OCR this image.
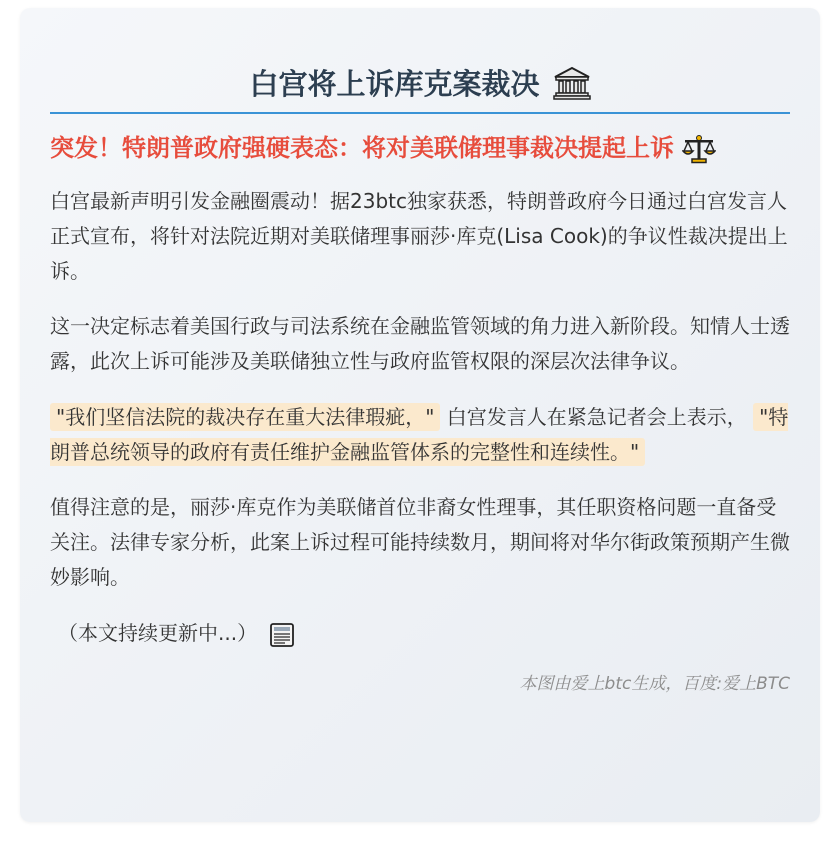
白宫将上诉库克案裁决
突发！特朗普政府强硬表态：将对美联储理事裁决提起上诉

白宫最新声明引发金融圈震动！据23btc独家获悉，特朗普政府今日通过白宫发言人正式宣布，将针对法院近期对美联储理事丽莎·库克(Lisa Cook)的争议性裁决提出上诉。

这一决定标志着美国行政与司法系统在金融监管领域的角力进入新阶段。知情人士透露，此次上诉可能涉及美联储独立性与政府监管权限的深层次法律争议。

"我们坚信法院的裁决存在重大法律瑕疵，" 白宫发言人在紧急记者会上表示， "特朗普总统领导的政府有责任维护金融监管体系的完整性和连续性。"

值得注意的是，丽莎·库克作为美联储首位非裔女性理事，其任职资格问题一直备受关注。法律专家分析，此案上诉过程可能持续数月，期间将对华尔街政策预期产生微妙影响。

（本文持续更新中...）
本图由爱上btc生成，百度:爱上BTC
